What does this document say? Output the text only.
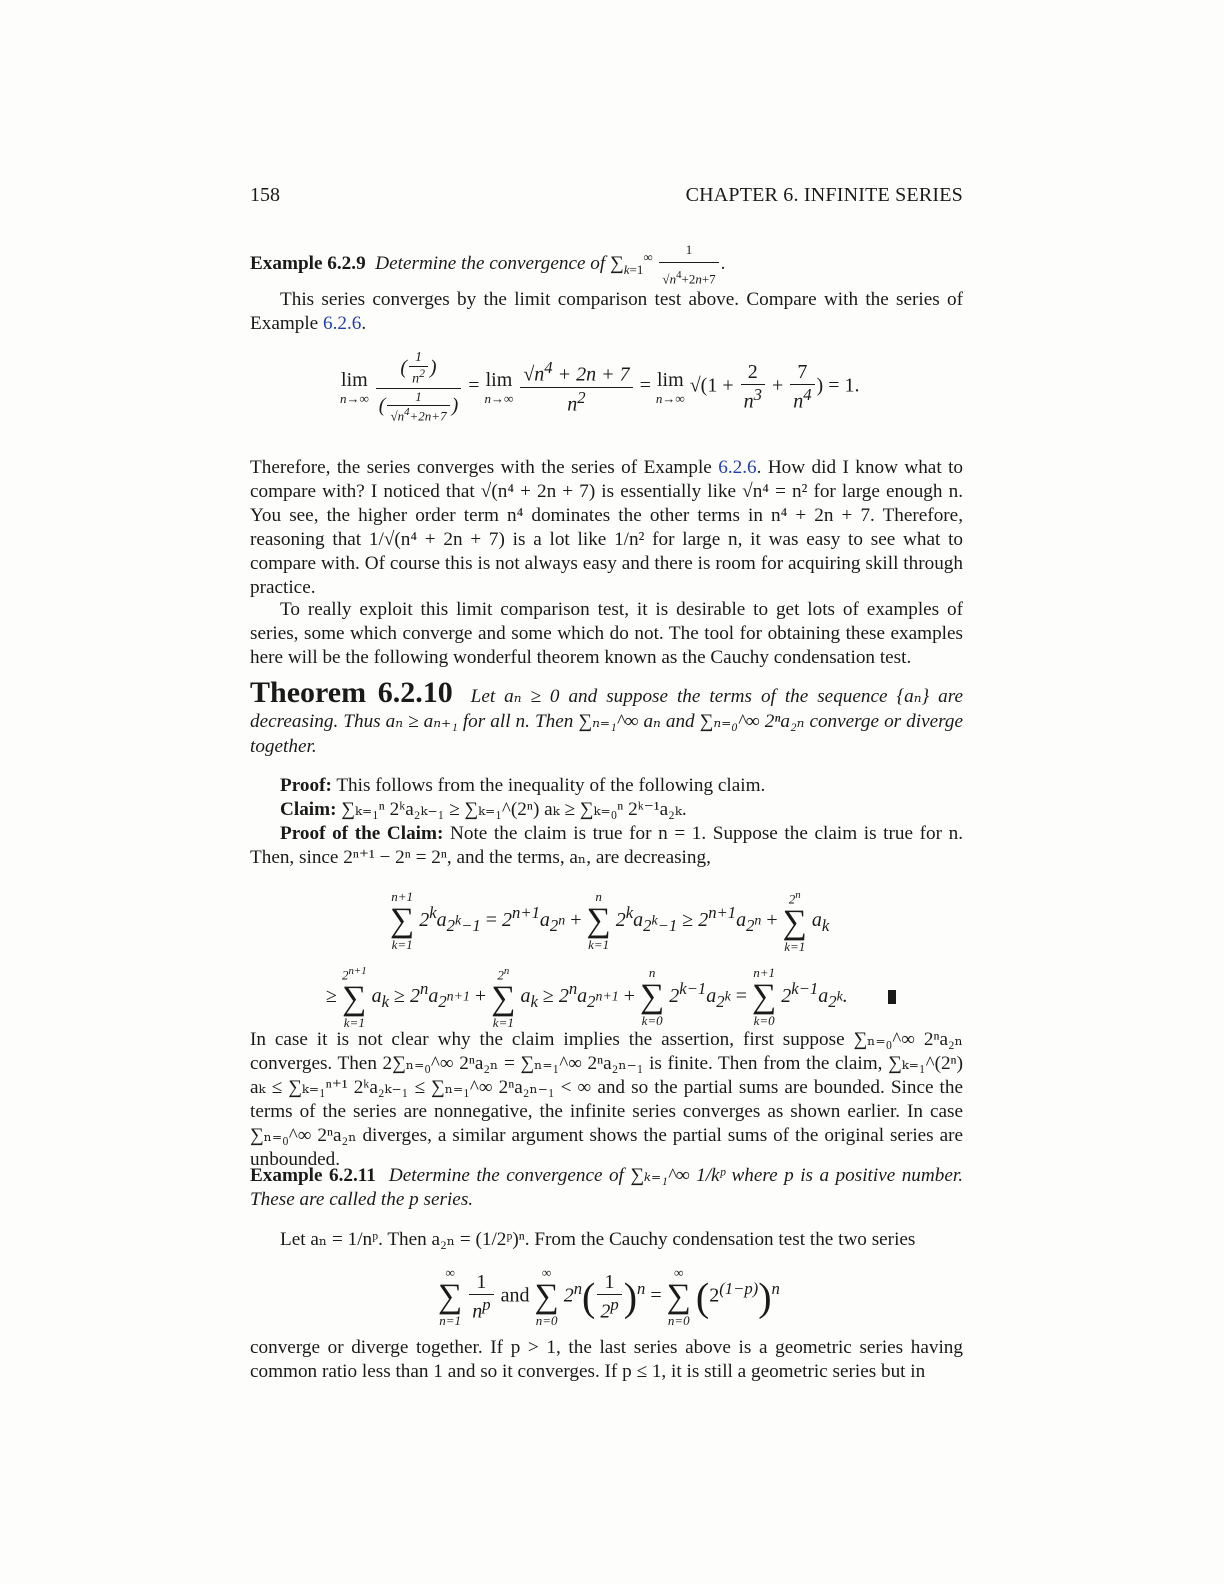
158	CHAPTER 6. INFINITE SERIES
Example 6.2.9 Determine the convergence of $\sum_{k=1}^\infty \frac{1}{√n^4+2n+7}$ .
This series converges by the limit comparison test above. Compare with the series of Example 6.2.6.
lim
n→∞
$\frac{( \frac{1}{n^2} )}{( \frac{1}{√n^4+2n+7} )} = \lim$
n→∞
$\frac{√n^4 + 2n + 7}{n^2} = \lim$
n→∞
$√(1 + \frac{2}{n^3} + \frac{7}{n^4}$ ) = 1.
Therefore, the series converges with the series of Example 6.2.6. How did I know what to compare with? I noticed that √(n⁴ + 2n + 7) is essentially like √n⁴ = n² for large enough n. You see, the higher order term n⁴ dominates the other terms in n⁴ + 2n + 7. Therefore, reasoning that 1/√(n⁴ + 2n + 7) is a lot like 1/n² for large n, it was easy to see what to compare with. Of course this is not always easy and there is room for acquiring skill through practice.
To really exploit this limit comparison test, it is desirable to get lots of examples of series, some which converge and some which do not. The tool for obtaining these examples here will be the following wonderful theorem known as the Cauchy condensation test.
Theorem 6.2.10 Let aₙ ≥ 0 and suppose the terms of the sequence {aₙ} are decreasing. Thus aₙ ≥ aₙ₊₁ for all n. Then ∑ₙ₌₁^∞ aₙ and ∑ₙ₌₀^∞ 2ⁿa₂ₙ converge or diverge together.
Proof: This follows from the inequality of the following claim.
Claim: ∑ₖ₌₁ⁿ 2ᵏa₂ₖ₋₁ ≥ ∑ₖ₌₁^(2ⁿ) aₖ ≥ ∑ₖ₌₀ⁿ 2ᵏ⁻¹a₂ₖ.
Proof of the Claim: Note the claim is true for n = 1. Suppose the claim is true for n. Then, since 2ⁿ⁺¹ − 2ⁿ = 2ⁿ, and the terms, aₙ, are decreasing,
n+1
∑
k=1
$2^ka_{2^k-1} = 2^{n+1}a_{2^n}$ +
n
∑
k=1
$2^ka_{2^k-1} \ge 2^{n+1}a_{2^n}$ +
2$^n$
∑
k=1
$a_k$
≥
$2^{n+1}$
∑
k=1
$a_k \ge 2^na_{2^{n+1}}$ +
2$^n$
∑
k=1
$a_k \ge 2^na_{2^{n+1}}$ +
n
∑
k=0
$2^{k-1}a_{2^k}$ =
n+1
∑
k=0
$2^{k-1}a_{2^k}$.
In case it is not clear why the claim implies the assertion, first suppose ∑ₙ₌₀^∞ 2ⁿa₂ₙ converges. Then 2∑ₙ₌₀^∞ 2ⁿa₂ₙ = ∑ₙ₌₁^∞ 2ⁿa₂ₙ₋₁ is finite. Then from the claim, ∑ₖ₌₁^(2ⁿ) aₖ ≤ ∑ₖ₌₁ⁿ⁺¹ 2ᵏa₂ₖ₋₁ ≤ ∑ₙ₌₁^∞ 2ⁿa₂ₙ₋₁ < ∞ and so the partial sums are bounded. Since the terms of the series are nonnegative, the infinite series converges as shown earlier. In case ∑ₙ₌₀^∞ 2ⁿa₂ₙ diverges, a similar argument shows the partial sums of the original series are unbounded.
Example 6.2.11 Determine the convergence of ∑ₖ₌₁^∞ 1/kᵖ where p is a positive number. These are called the p series.
Let aₙ = 1/nᵖ. Then a₂ₙ = (1/2ᵖ)ⁿ. From the Cauchy condensation test the two series
∞
∑
n=1
$\frac{1}{n^p}$ and
∞
∑
n=0
$2^n( \frac{1}{2^p} )^n$ =
∞
∑
n=0
$(2^{(1-p)})^n$
converge or diverge together. If p > 1, the last series above is a geometric series having common ratio less than 1 and so it converges. If p ≤ 1, it is still a geometric series but in
